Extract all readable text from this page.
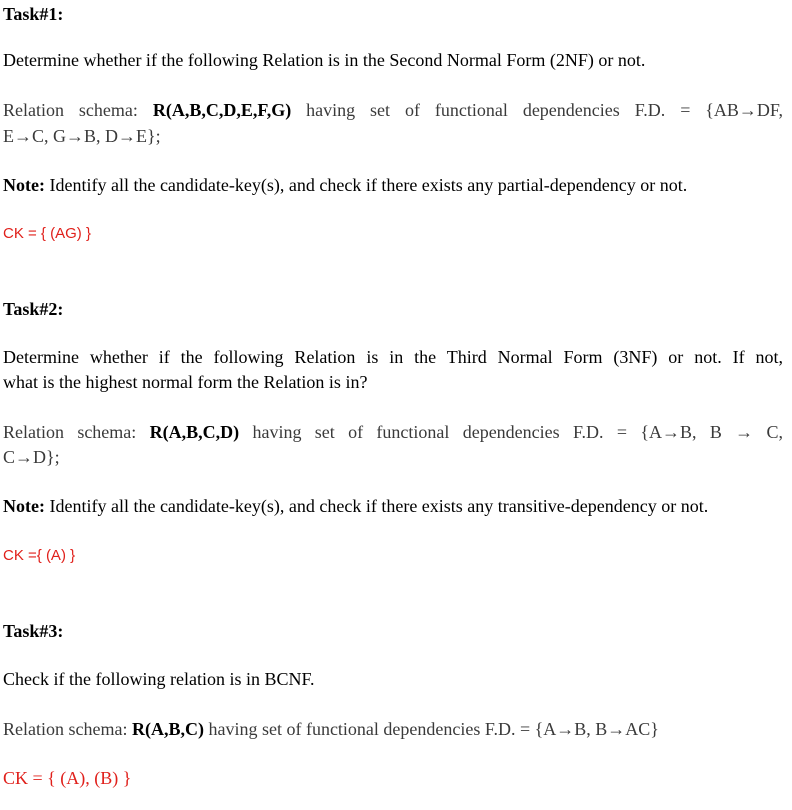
Task#1:
Determine whether if the following Relation is in the Second Normal Form (2NF) or not.
Relation schema: R(A,B,C,D,E,F,G) having set of functional dependencies F.D. = {AB→DF,
E→C, G→B, D→E};
Note: Identify all the candidate-key(s), and check if there exists any partial-dependency or not.
CK = { (AG) }
Task#2:
Determine whether if the following Relation is in the Third Normal Form (3NF) or not. If not,
what is the highest normal form the Relation is in?
Relation schema: R(A,B,C,D) having set of functional dependencies F.D. = {A→B, B → C,
C→D};
Note: Identify all the candidate-key(s), and check if there exists any transitive-dependency or not.
CK ={ (A) }
Task#3:
Check if the following relation is in BCNF.
Relation schema: R(A,B,C) having set of functional dependencies F.D. = {A→B, B→AC}
CK = { (A), (B) }
